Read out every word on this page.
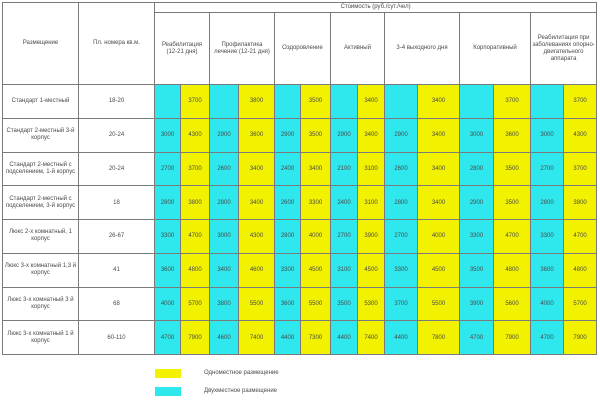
Размещение	Пл. номера кв.м.	Стоимость (руб./сут./чел)													
		Реабилитация (12-21 дня)		Профилактика лечение (12-21 дня)		Оздоровление		Активный		3-4 выходного дня		Корпоративный		Реабилитация при заболеваниях опорно-двигательного аппарата	
Стандарт 1-местный	18-20		3700		3800		3500		3400		3400		3700		3700
Стандарт 2-местный 3-й корпус	20-24	3000	4300	2900	3600	2900	3500	2900	3400	2900	3400	3000	3600	3000	4300
Стандарт 2-местный с подселением, 1-й корпус	20-24	2700	3700	2600	3400	2400	3400	2100	3100	2600	3400	2800	3500	2700	3700
Стандарт 2-местный с подселением, 3-й корпус	18	2800	3800	2800	3400	2600	3300	2400	3100	2800	3400	2900	3500	2800	3800
Люкс 2-х комнатный, 1 корпус	26-67	3300	4700	3000	4300	2800	4000	2700	3900	2700	4000	3300	4700	3300	4700
Люкс 3-х комнатный 1,3 й корпус	41	3600	4800	3400	4600	3300	4500	3100	4500	3300	4500	3500	4800	3600	4800
Люкс 3-х комнатный 3 й корпус	68	4000	5700	3800	5500	3600	5500	3500	5300	3700	5500	3900	5600	4000	5700
Люкс 3-х комнатный 1 й корпус	60-110	4700	7900	4600	7400	4400	7300	4400	7400	4400	7800	4700	7900	4700	7900
Одноместное размещение
Двухместное размещение
